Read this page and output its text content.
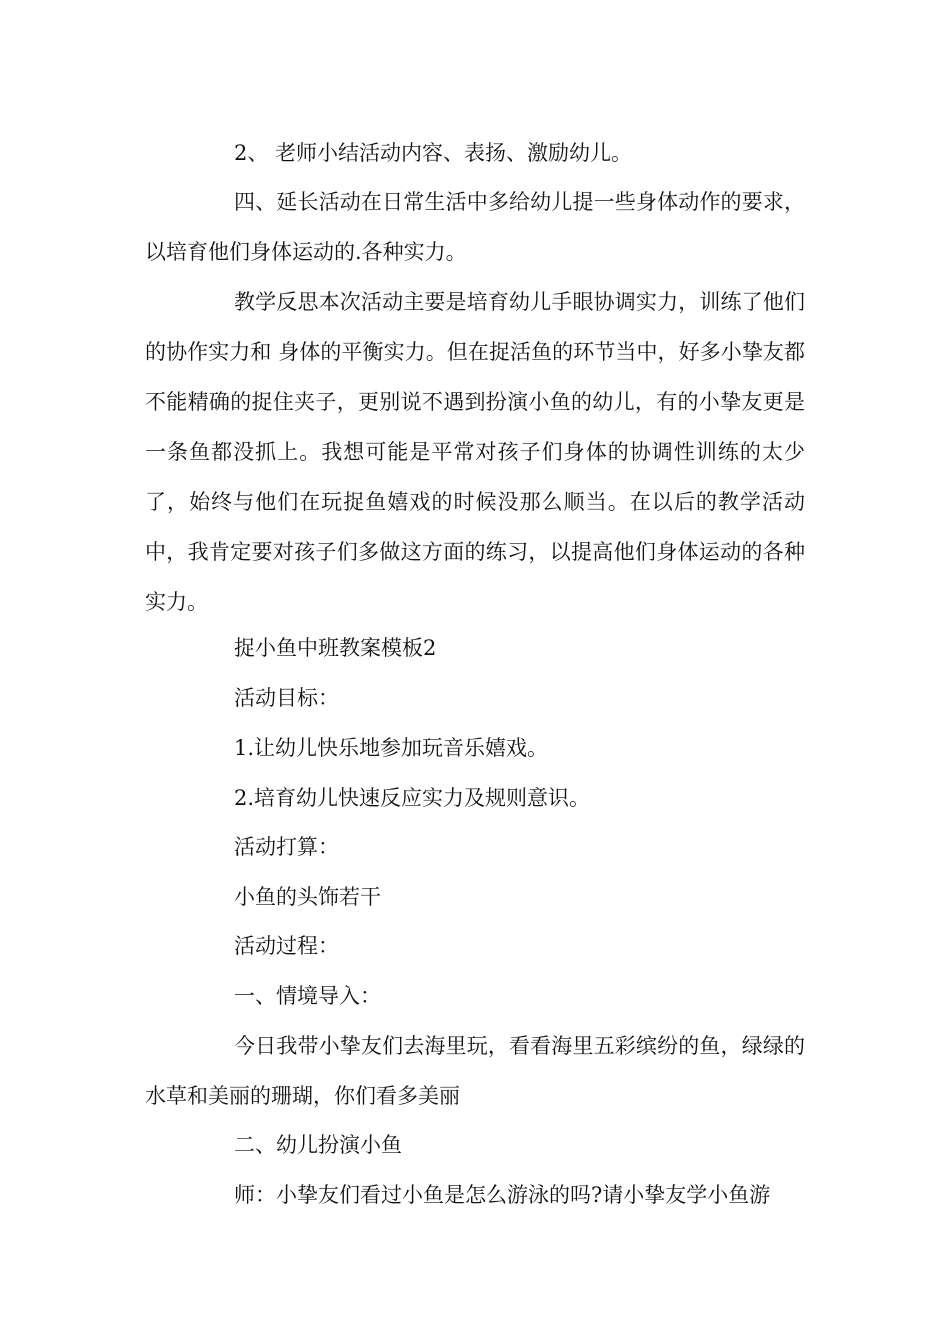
2、 老师小结活动内容、表扬、激励幼儿。

四、延长活动在日常生活中多给幼儿提一些身体动作的要求，以培育他们身体运动的.各种实力。

教学反思本次活动主要是培育幼儿手眼协调实力，训练了他们的协作实力和 身体的平衡实力。但在捉活鱼的环节当中，好多小挚友都不能精确的捉住夹子，更别说不遇到扮演小鱼的幼儿，有的小挚友更是一条鱼都没抓上。我想可能是平常对孩子们身体的协调性训练的太少了，始终与他们在玩捉鱼嬉戏的时候没那么顺当。在以后的教学活动中，我肯定要对孩子们多做这方面的练习，以提高他们身体运动的各种实力。

捉小鱼中班教案模板2

活动目标：

1.让幼儿快乐地参加玩音乐嬉戏。

2.培育幼儿快速反应实力及规则意识。

活动打算：

小鱼的头饰若干

活动过程：

一、情境导入：

今日我带小挚友们去海里玩，看看海里五彩缤纷的鱼，绿绿的水草和美丽的珊瑚，你们看多美丽

二、幼儿扮演小鱼

师：小挚友们看过小鱼是怎么游泳的吗?请小挚友学小鱼游
